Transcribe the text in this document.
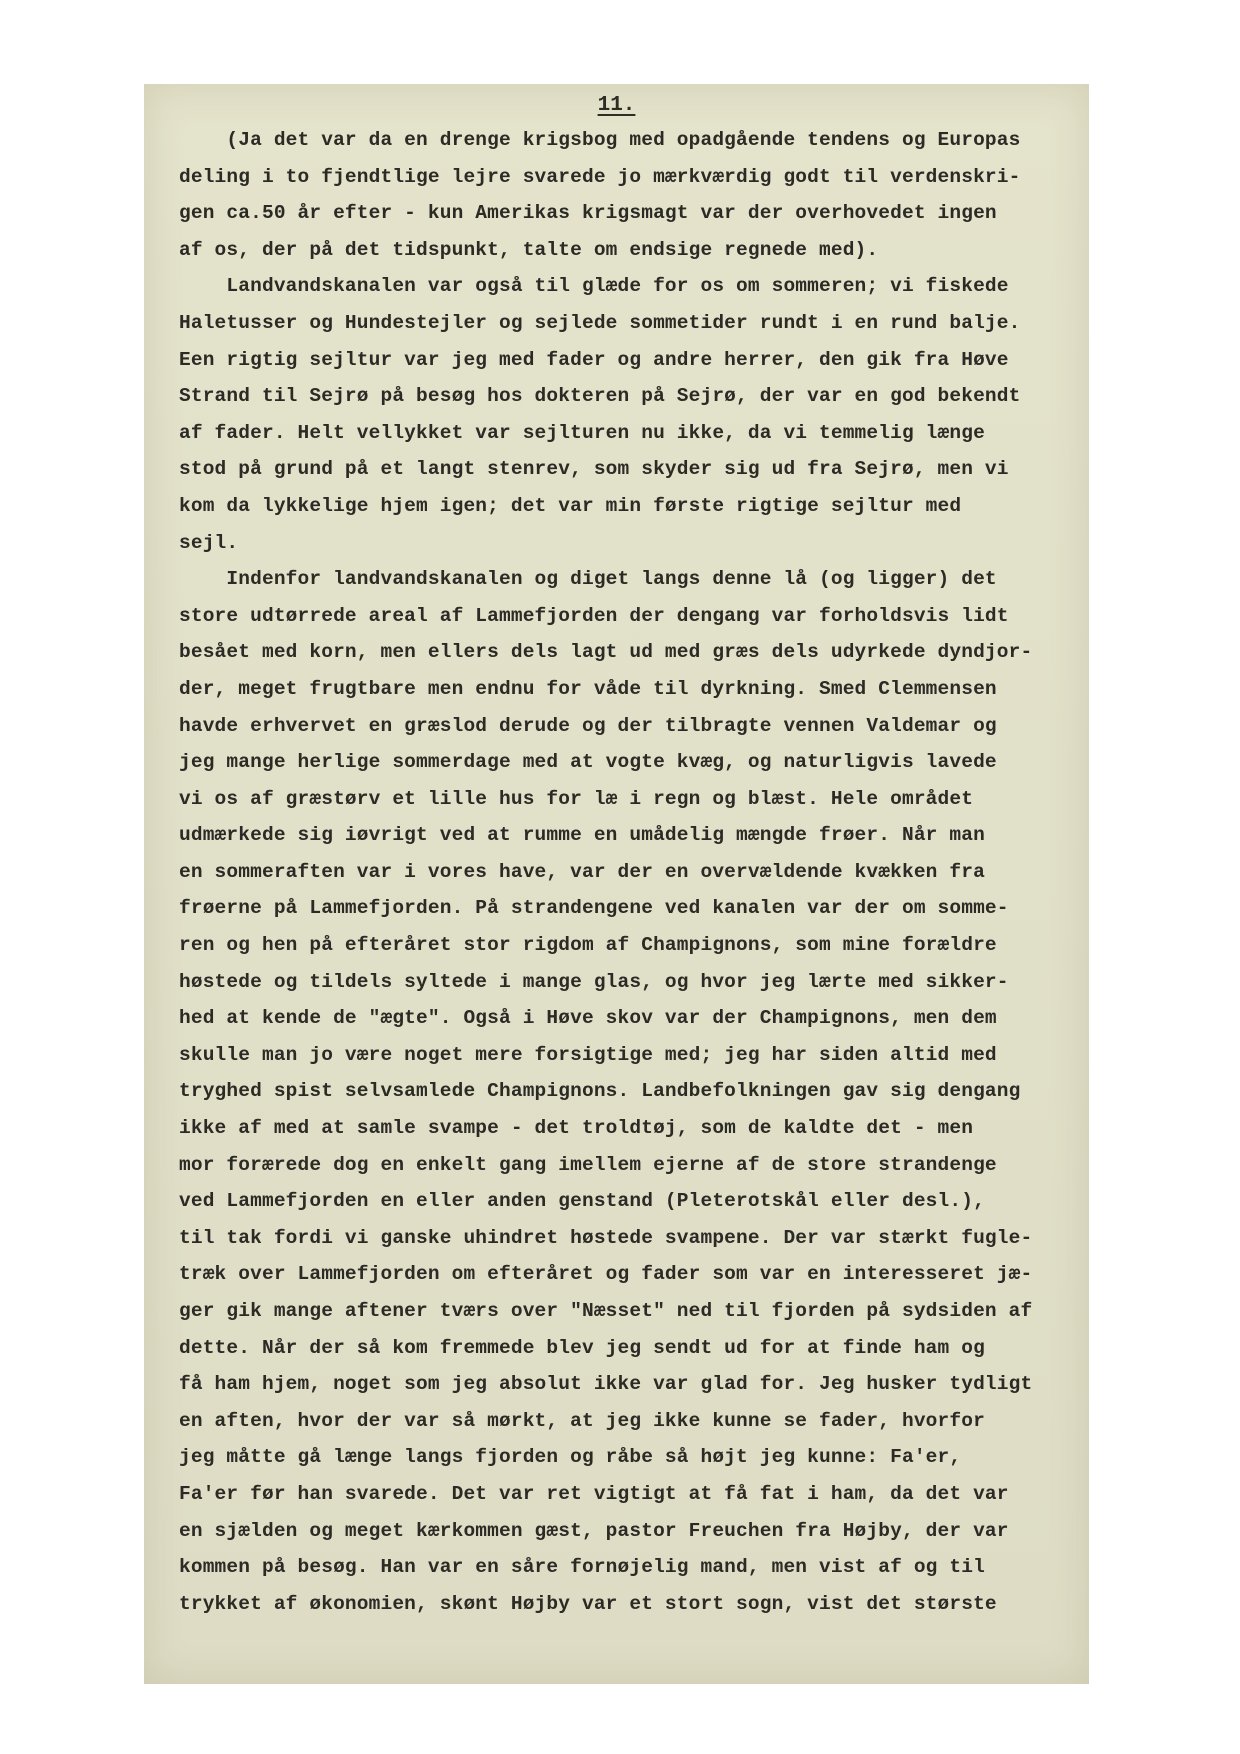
11.
(Ja det var da en drenge krigsbog med opadgående tendens og Europas
deling i to fjendtlige lejre svarede jo mærkværdig godt til verdenskri-
gen ca.50 år efter - kun Amerikas krigsmagt var der overhovedet ingen
af os, der på det tidspunkt, talte om endsige regnede med).
Landvandskanalen var også til glæde for os om sommeren; vi fiskede
Haletusser og Hundestejler og sejlede sommetider rundt i en rund balje.
Een rigtig sejltur var jeg med fader og andre herrer, den gik fra Høve
Strand til Sejrø på besøg hos dokteren på Sejrø, der var en god bekendt
af fader. Helt vellykket var sejlturen nu ikke, da vi temmelig længe
stod på grund på et langt stenrev, som skyder sig ud fra Sejrø, men vi
kom da lykkelige hjem igen; det var min første rigtige sejltur med
sejl.
Indenfor landvandskanalen og diget langs denne lå (og ligger) det
store udtørrede areal af Lammefjorden der dengang var forholdsvis lidt
besået med korn, men ellers dels lagt ud med græs dels udyrkede dyndjor-
der, meget frugtbare men endnu for våde til dyrkning. Smed Clemmensen
havde erhvervet en græslod derude og der tilbragte vennen Valdemar og
jeg mange herlige sommerdage med at vogte kvæg, og naturligvis lavede
vi os af græstørv et lille hus for læ i regn og blæst. Hele området
udmærkede sig iøvrigt ved at rumme en umådelig mængde frøer. Når man
en sommeraften var i vores have, var der en overvældende kvækken fra
frøerne på Lammefjorden. På strandengene ved kanalen var der om somme-
ren og hen på efteråret stor rigdom af Champignons, som mine forældre
høstede og tildels syltede i mange glas, og hvor jeg lærte med sikker-
hed at kende de "ægte". Også i Høve skov var der Champignons, men dem
skulle man jo være noget mere forsigtige med; jeg har siden altid med
tryghed spist selvsamlede Champignons. Landbefolkningen gav sig dengang
ikke af med at samle svampe - det troldtøj, som de kaldte det - men
mor forærede dog en enkelt gang imellem ejerne af de store strandenge
ved Lammefjorden en eller anden genstand (Pleterotskål eller desl.),
til tak fordi vi ganske uhindret høstede svampene. Der var stærkt fugle-
træk over Lammefjorden om efteråret og fader som var en interesseret jæ-
ger gik mange aftener tværs over "Næsset" ned til fjorden på sydsiden af
dette. Når der så kom fremmede blev jeg sendt ud for at finde ham og
få ham hjem, noget som jeg absolut ikke var glad for. Jeg husker tydligt
en aften, hvor der var så mørkt, at jeg ikke kunne se fader, hvorfor
jeg måtte gå længe langs fjorden og råbe så højt jeg kunne: Fa'er,
Fa'er før han svarede. Det var ret vigtigt at få fat i ham, da det var
en sjælden og meget kærkommen gæst, pastor Freuchen fra Højby, der var
kommen på besøg. Han var en såre fornøjelig mand, men vist af og til
trykket af økonomien, skønt Højby var et stort sogn, vist det største
